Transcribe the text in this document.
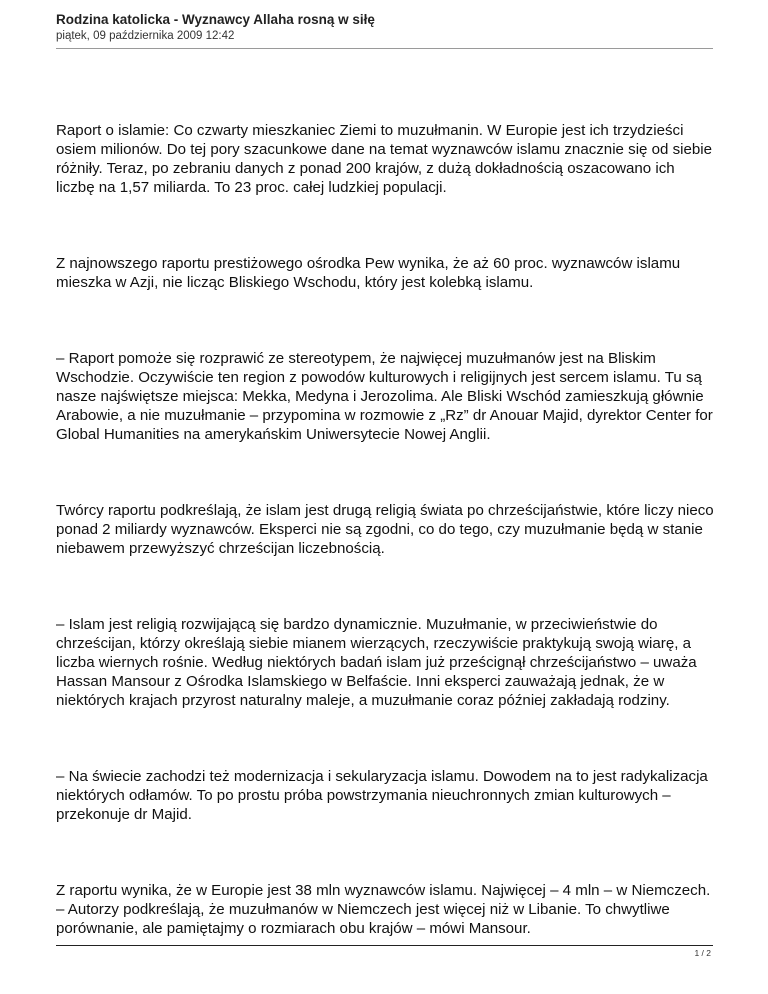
Rodzina katolicka - Wyznawcy Allaha rosną w siłę
piątek, 09 października 2009 12:42

Raport o islamie: Co czwarty mieszkaniec Ziemi to muzułmanin. W Europie jest ich trzydzieści osiem milionów. Do tej pory szacunkowe dane na temat wyznawców islamu znacznie się od siebie różniły. Teraz, po zebraniu danych z ponad 200 krajów, z dużą dokładnością oszacowano ich liczbę na 1,57 miliarda. To 23 proc. całej ludzkiej populacji.

Z najnowszego raportu prestiżowego ośrodka Pew wynika, że aż 60 proc. wyznawców islamu mieszka w Azji, nie licząc Bliskiego Wschodu, który jest kolebką islamu.

– Raport pomoże się rozprawić ze stereotypem, że najwięcej muzułmanów jest na Bliskim Wschodzie. Oczywiście ten region z powodów kulturowych i religijnych jest sercem islamu. Tu są nasze najświętsze miejsca: Mekka, Medyna i Jerozolima. Ale Bliski Wschód zamieszkują głównie Arabowie, a nie muzułmanie – przypomina w rozmowie z „Rz” dr Anouar Majid, dyrektor Center for Global Humanities na amerykańskim Uniwersytecie Nowej Anglii.

Twórcy raportu podkreślają, że islam jest drugą religią świata po chrześcijaństwie, które liczy nieco ponad 2 miliardy wyznawców. Eksperci nie są zgodni, co do tego, czy muzułmanie będą w stanie niebawem przewyższyć chrześcijan liczebnością.

– Islam jest religią rozwijającą się bardzo dynamicznie. Muzułmanie, w przeciwieństwie do chrześcijan, którzy określają siebie mianem wierzących, rzeczywiście praktykują swoją wiarę, a liczba wiernych rośnie. Według niektórych badań islam już prześcignął chrześcijaństwo – uważa Hassan Mansour z Ośrodka Islamskiego w Belfaście. Inni eksperci zauważają jednak, że w niektórych krajach przyrost naturalny maleje, a muzułmanie coraz później zakładają rodziny.

– Na świecie zachodzi też modernizacja i sekularyzacja islamu. Dowodem na to jest radykalizacja niektórych odłamów. To po prostu próba powstrzymania nieuchronnych zmian kulturowych – przekonuje dr Majid.

Z raportu wynika, że w Europie jest 38 mln wyznawców islamu. Najwięcej – 4 mln – w Niemczech. – Autorzy podkreślają, że muzułmanów w Niemczech jest więcej niż w Libanie. To chwytliwe porównanie, ale pamiętajmy o rozmiarach obu krajów – mówi Mansour.

1 / 2
